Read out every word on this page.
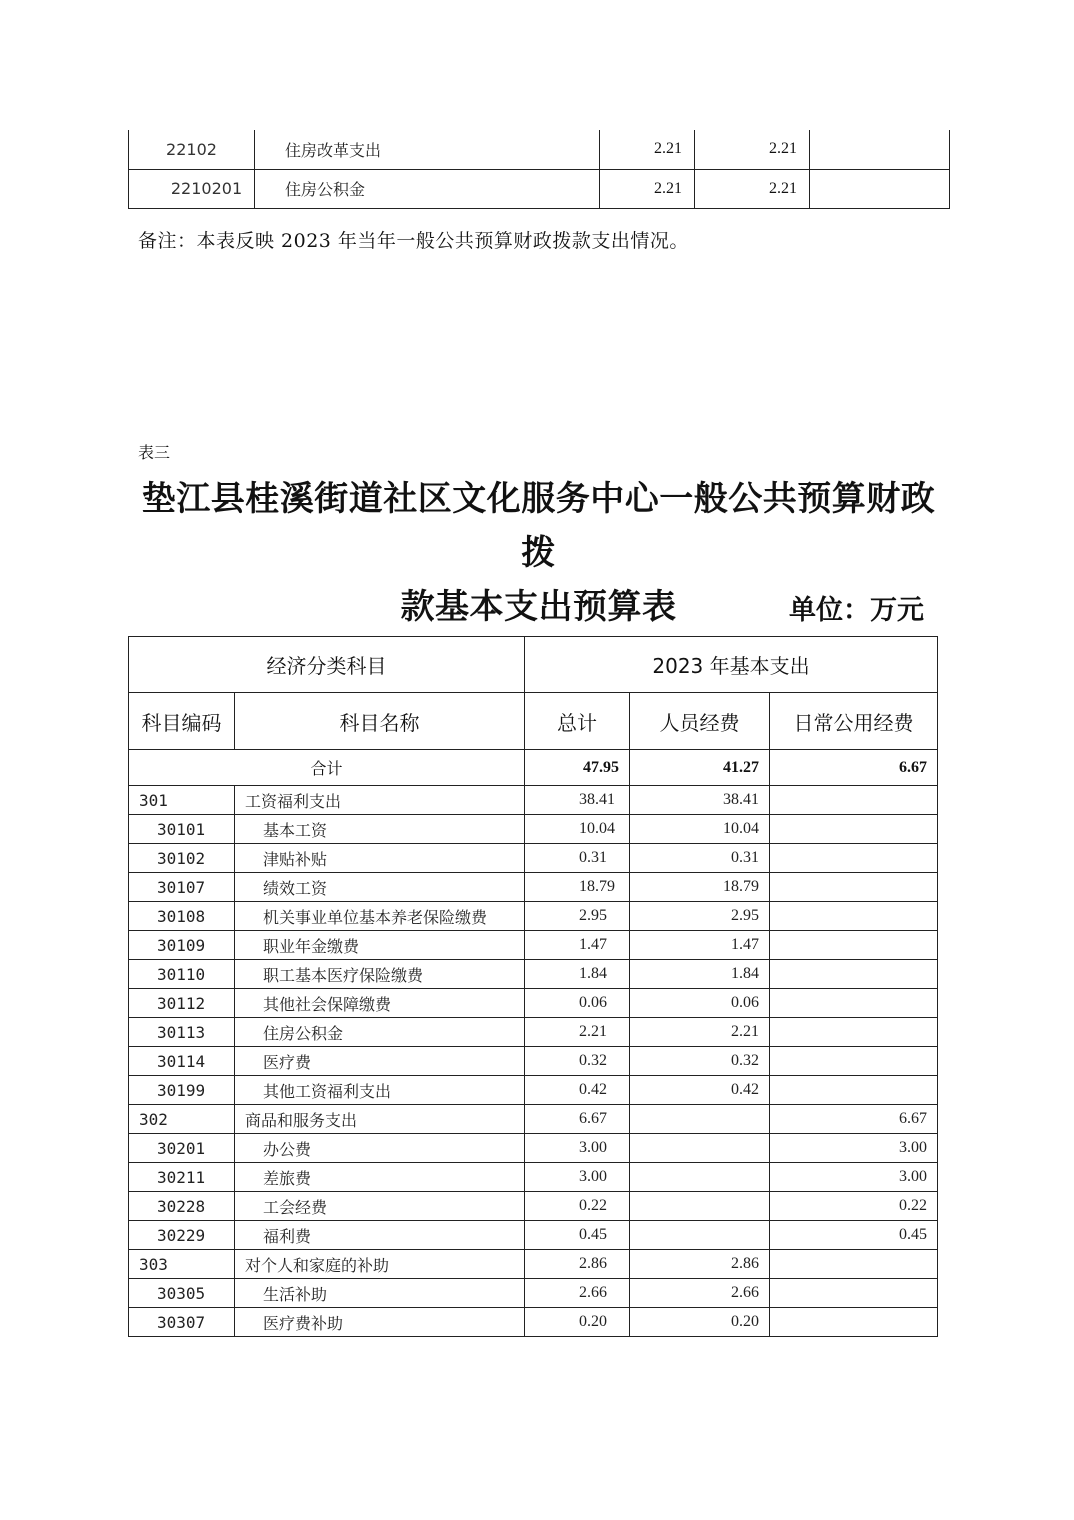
22102	住房改革支出	2.21	2.21	
2210201	住房公积金	2.21	2.21	
备注：本表反映 2023 年当年一般公共预算财政拨款支出情况。
表三
垫江县桂溪街道社区文化服务中心一般公共预算财政拨
款基本支出预算表	单位：万元
经济分类科目		2023 年基本支出		
科目编码	科目名称	总计	人员经费	日常公用经费
合计		47.95	41.27	6.67
301	工资福利支出	38.41	38.41	
30101	基本工资	10.04	10.04	
30102	津贴补贴	0.31	0.31	
30107	绩效工资	18.79	18.79	
30108	机关事业单位基本养老保险缴费	2.95	2.95	
30109	职业年金缴费	1.47	1.47	
30110	职工基本医疗保险缴费	1.84	1.84	
30112	其他社会保障缴费	0.06	0.06	
30113	住房公积金	2.21	2.21	
30114	医疗费	0.32	0.32	
30199	其他工资福利支出	0.42	0.42	
302	商品和服务支出	6.67		6.67
30201	办公费	3.00		3.00
30211	差旅费	3.00		3.00
30228	工会经费	0.22		0.22
30229	福利费	0.45		0.45
303	对个人和家庭的补助	2.86	2.86	
30305	生活补助	2.66	2.66	
30307	医疗费补助	0.20	0.20	
